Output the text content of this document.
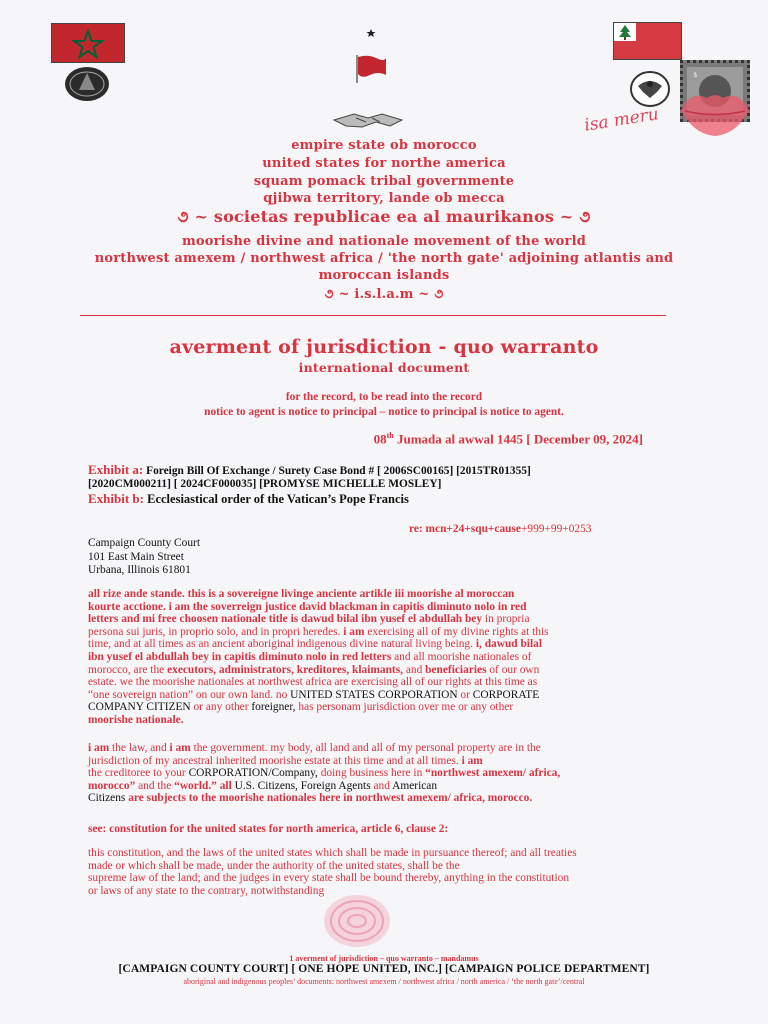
$
isa meru
empire state ob morocco
united states for northe america
squam pomack tribal governmente
qjibwa territory, lande ob mecca
૭ ~ societas republicae ea al maurikanos ~ ૭
moorishe divine and nationale movement of the world
northwest amexem / northwest africa / 'the north gate' adjoining atlantis and
moroccan islands
૭ ~ i.s.l.a.m ~ ૭
averment of jurisdiction - quo warranto
international document
for the record, to be read into the record
notice to agent is notice to principal – notice to principal is notice to agent.
08th Jumada al awwal 1445 [ December 09, 2024]
Exhibit a: Foreign Bill Of Exchange / Surety Case Bond # [ 2006SC00165] [2015TR01355]
[2020CM000211] [ 2024CF000035] [PROMYSE MICHELLE MOSLEY]
Exhibit b: Ecclesiastical order of the Vatican’s Pope Francis
re: mcn+24+squ+cause+999+99+0253
Campaign County Court
101 East Main Street
Urbana, Illinois 61801
all rize ande stande. this is a sovereigne livinge anciente artikle iii moorishe al moroccan
kourte acctione. i am the soverreign justice david blackman in capitis diminuto nolo in red
letters and mi free choosen nationale title is dawud bilal ibn yusef el abdullah bey in propria
persona sui juris, in proprio solo, and in propri heredes. i am exercising all of my divine rights at this
time, and at all times as an ancient aboriginal indigenous divine natural living being. i, dawud bilal
ibn yusef el abdullah bey in capitis diminuto nolo in red letters and all moorishe nationales of
morocco, are the executors, administrators, kreditores, klaimants, and beneficiaries of our own
estate. we the moorishe nationales at northwest africa are exercising all of our rights at this time as
“one sovereign nation” on our own land. no UNITED STATES CORPORATION or CORPORATE
COMPANY CITIZEN or any other foreigner, has personam jurisdiction over me or any other
moorishe nationale.
i am the law, and i am the government. my body, all land and all of my personal property are in the
jurisdiction of my ancestral inherited moorishe estate at this time and at all times. i am
the creditoree to your CORPORATION/Company, doing business here in “northwest amexem/ africa,
morocco” and the “world.” all U.S. Citizens, Foreign Agents and American
Citizens are subjects to the moorishe nationales here in northwest amexem/ africa, morocco.
see: constitution for the united states for north america, article 6, clause 2:
this constitution, and the laws of the united states which shall be made in pursuance thereof; and all treaties
made or which shall be made, under the authority of the united states, shall be the
supreme law of the land; and the judges in every state shall be bound thereby, anything in the constitution
or laws of any state to the contrary, notwithstanding
1 averment of jurisdiction – quo warranto – mandamus
[CAMPAIGN COUNTY COURT] [ ONE HOPE UNITED, INC.] [CAMPAIGN POLICE DEPARTMENT]
aboriginal and indigenous peoples’ documents: northwest amexem / northwest africa / north america / ‘the north gate’/central
